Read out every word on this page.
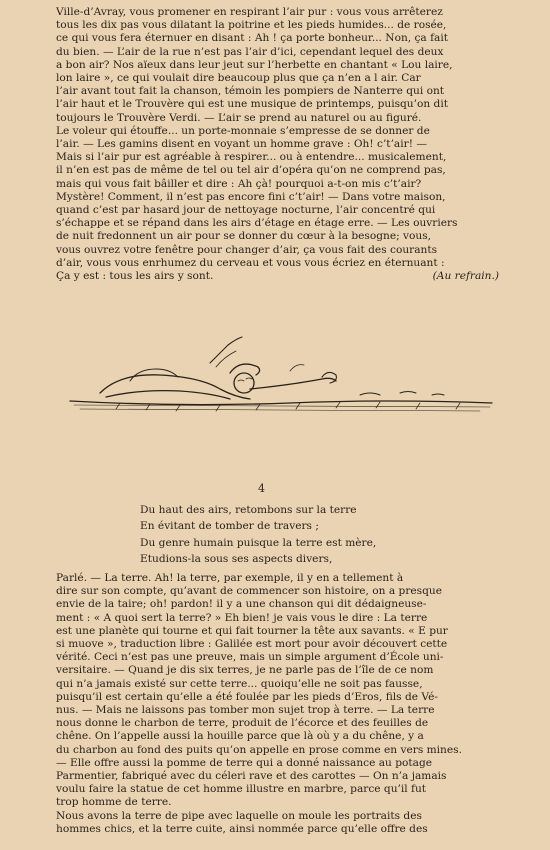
Ville-d’Avray, vous promener en respirant l’air pur : vous vous arrêterez
tous les dix pas vous dilatant la poitrine et les pieds humides... de rosée,
ce qui vous fera éternuer en disant : Ah ! ça porte bonheur... Non, ça fait
du bien. — L’air de la rue n’est pas l’air d’ici, cependant lequel des deux
a bon air? Nos aïeux dans leur jeut sur l’herbette en chantant « Lou laire,
lon laire », ce qui voulait dire beaucoup plus que ça n’en a l air. Car
l’air avant tout fait la chanson, témoin les pompiers de Nanterre qui ont
l’air haut et le Trouvère qui est une musique de printemps, puisqu’on dit
toujours le Trouvère Verdi. — L’air se prend au naturel ou au figuré.
Le voleur qui étouffe... un porte-monnaie s’empresse de se donner de
l’air. — Les gamins disent en voyant un homme grave : Oh! c’t’air! —
Mais si l’air pur est agréable à respirer... ou à entendre... musicalement,
il n’en est pas de même de tel ou tel air d’opéra qu’on ne comprend pas,
mais qui vous fait bâiller et dire : Ah çà! pourquoi a-t-on mis c’t’air?
Mystère! Comment, il n’est pas encore fini c’t’air! — Dans votre maison,
quand c’est par hasard jour de nettoyage nocturne, l’air concentré qui
s’échappe et se répand dans les airs d’étage en étage erre. — Les ouvriers
de nuit fredonnent un air pour se donner du cœur à la besogne; vous,
vous ouvrez votre fenêtre pour changer d’air, ça vous fait des courants
d’air, vous vous enrhumez du cerveau et vous vous écriez en éternuant :
(Au refrain.)
Ça y est : tous les airs y sont.
4
Du haut des airs, retombons sur la terre
En évitant de tomber de travers ;
Du genre humain puisque la terre est mère,
Etudions-la sous ses aspects divers,
Parlé. — La terre. Ah! la terre, par exemple, il y en a tellement à
dire sur son compte, qu’avant de commencer son histoire, on a presque
envie de la taire; oh! pardon! il y a une chanson qui dit dédaigneuse-
ment : « A quoi sert la terre? » Eh bien! je vais vous le dire : La terre
est une planète qui tourne et qui fait tourner la tête aux savants. « E pur
si muove », traduction libre : Galilée est mort pour avoir découvert cette
vérité. Ceci n’est pas une preuve, mais un simple argument d’École uni-
versitaire. — Quand je dis six terres, je ne parle pas de l’île de ce nom
qui n’a jamais existé sur cette terre... quoiqu’elle ne soit pas fausse,
puisqu’il est certain qu’elle a été foulée par les pieds d’Eros, fils de Vé-
nus. — Mais ne laissons pas tomber mon sujet trop à terre. — La terre
nous donne le charbon de terre, produit de l’écorce et des feuilles de
chêne. On l’appelle aussi la houille parce que là où y a du chêne, y a
du charbon au fond des puits qu’on appelle en prose comme en vers mines.
— Elle offre aussi la pomme de terre qui a donné naissance au potage
Parmentier, fabriqué avec du céleri rave et des carottes — On n’a jamais
voulu faire la statue de cet homme illustre en marbre, parce qu’il fut
trop homme de terre.
Nous avons la terre de pipe avec laquelle on moule les portraits des
hommes chics, et la terre cuite, ainsi nommée parce qu’elle offre des
